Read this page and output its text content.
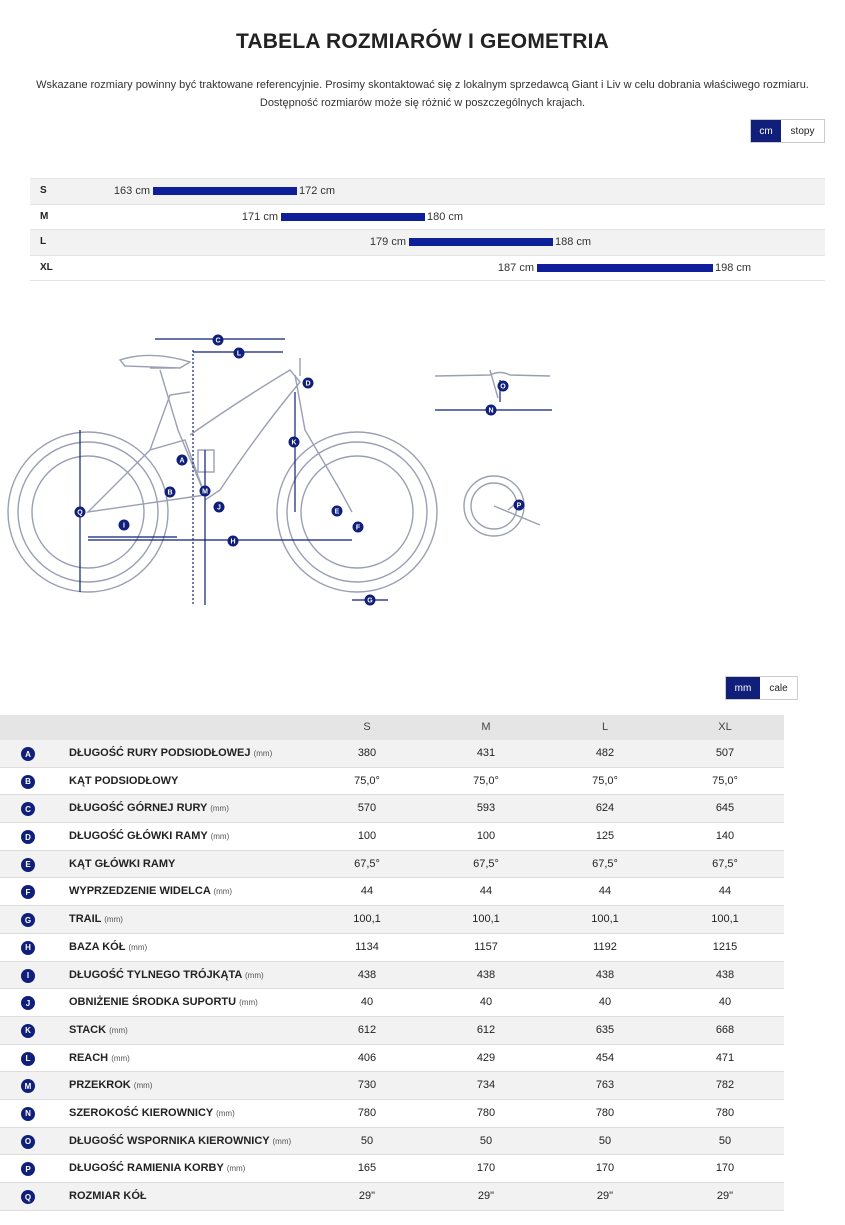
TABELA ROZMIARÓW I GEOMETRIA
Wskazane rozmiary powinny być traktowane referencyjnie. Prosimy skontaktować się z lokalnym sprzedawcą Giant i Liv w celu dobrania właściwego rozmiaru.
Dostępność rozmiarów może się różnić w poszczególnych krajach.
cm	stopy
S	163 cm	172 cm
M	171 cm	180 cm
L	179 cm	188 cm
XL	187 cm	198 cm
A
B
C
D
E
F
G
H
I
J
K
L
M
N
O
P
Q
mm	cale
S	M	L	XL
A	DŁUGOŚĆ RURY PODSIODŁOWEJ (mm)	380	431	482	507
B	KĄT PODSIODŁOWY	75,0°	75,0°	75,0°	75,0°
C	DŁUGOŚĆ GÓRNEJ RURY (mm)	570	593	624	645
D	DŁUGOŚĆ GŁÓWKI RAMY (mm)	100	100	125	140
E	KĄT GŁÓWKI RAMY	67,5°	67,5°	67,5°	67,5°
F	WYPRZEDZENIE WIDELCA (mm)	44	44	44	44
G	TRAIL (mm)	100,1	100,1	100,1	100,1
H	BAZA KÓŁ (mm)	1134	1157	1192	1215
I	DŁUGOŚĆ TYLNEGO TRÓJKĄTA (mm)	438	438	438	438
J	OBNIŻENIE ŚRODKA SUPORTU (mm)	40	40	40	40
K	STACK (mm)	612	612	635	668
L	REACH (mm)	406	429	454	471
M	PRZEKROK (mm)	730	734	763	782
N	SZEROKOŚĆ KIEROWNICY (mm)	780	780	780	780
O	DŁUGOŚĆ WSPORNIKA KIEROWNICY (mm)	50	50	50	50
P	DŁUGOŚĆ RAMIENIA KORBY (mm)	165	170	170	170
Q	ROZMIAR KÓŁ	29"	29"	29"	29"
